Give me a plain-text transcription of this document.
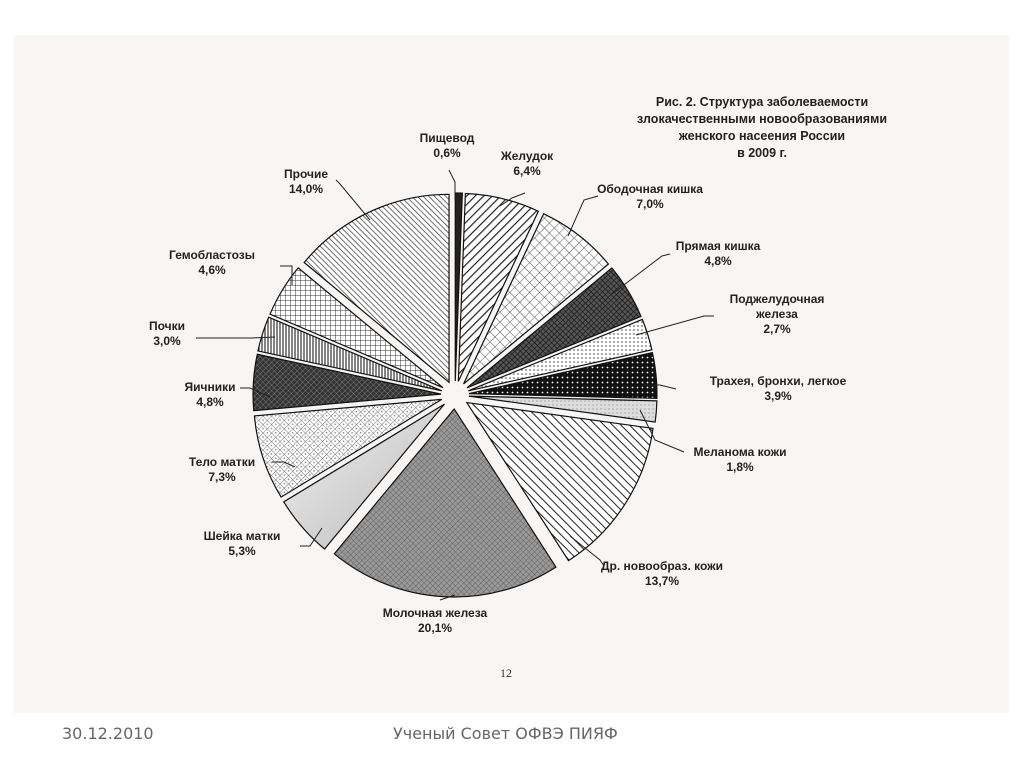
Пищевод
0,6%	Желудок
6,4%
Ободочная кишка
7,0%
Прямая кишка
4,8%
Поджелудочная
железа
2,7%
Трахея, бронхи, легкое
3,9%
Меланома кожи
1,8%
Др. новообраз. кожи
13,7%
Молочная железа
20,1%
Шейка матки
5,3%
Тело матки
7,3%
Яичники
4,8%
Почки
3,0%
Гемобластозы
4,6%
Прочие
14,0%
Рис. 2. Структура заболеваемости
злокачественными новообразованиями
женского насеения России
в 2009 г.
12
30.12.2010	Ученый Совет ОФВЭ ПИЯФ
